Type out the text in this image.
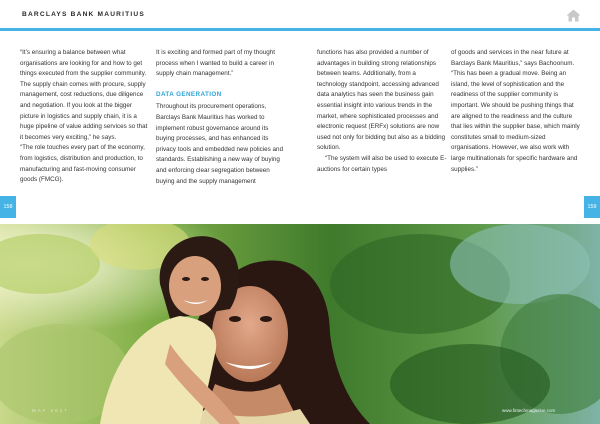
BARCLAYS BANK MAURITIUS

“It’s ensuring a balance between what organisations are looking for and how to get things executed from the supplier community. The supply chain comes with procure, supply management, cost reductions, due diligence and negotiation. If you look at the bigger picture in logistics and supply chain, it is a huge pipeline of value adding services so that it becomes very exciting,” he says.

“The role touches every part of the economy, from logistics, distribution and production, to manufacturing and fast-moving consumer goods (FMCG).

It is exciting and formed part of my thought process when I wanted to build a career in supply chain management.”

DATA GENERATION

Throughout its procurement operations, Barclays Bank Mauritius has worked to implement robust governance around its buying processes, and has enhanced its privacy tools and embedded new policies and standards. Establishing a new way of buying and enforcing clear segregation between buying and the supply management

functions has also provided a number of advantages in building strong relationships between teams. Additionally, from a technology standpoint, accessing advanced data analytics has seen the business gain essential insight into various trends in the market, where sophisticated processes and electronic request (ERFx) solutions are now used not only for bidding but also as a bidding solution.

“The system will also be used to execute E-auctions for certain types

of goods and services in the near future at Barclays Bank Mauritius,” says Bachoonum. “This has been a gradual move. Being an island, the level of sophistication and the readiness of the supplier community is important. We should be pushing things that are aligned to the readiness and the culture that lies within the supplier base, which mainly constitutes small to medium-sized organisations. However, we also work with large multinationals for specific hardware and supplies.”

158	159
MAY 2017	www.fintechmagazine.com
